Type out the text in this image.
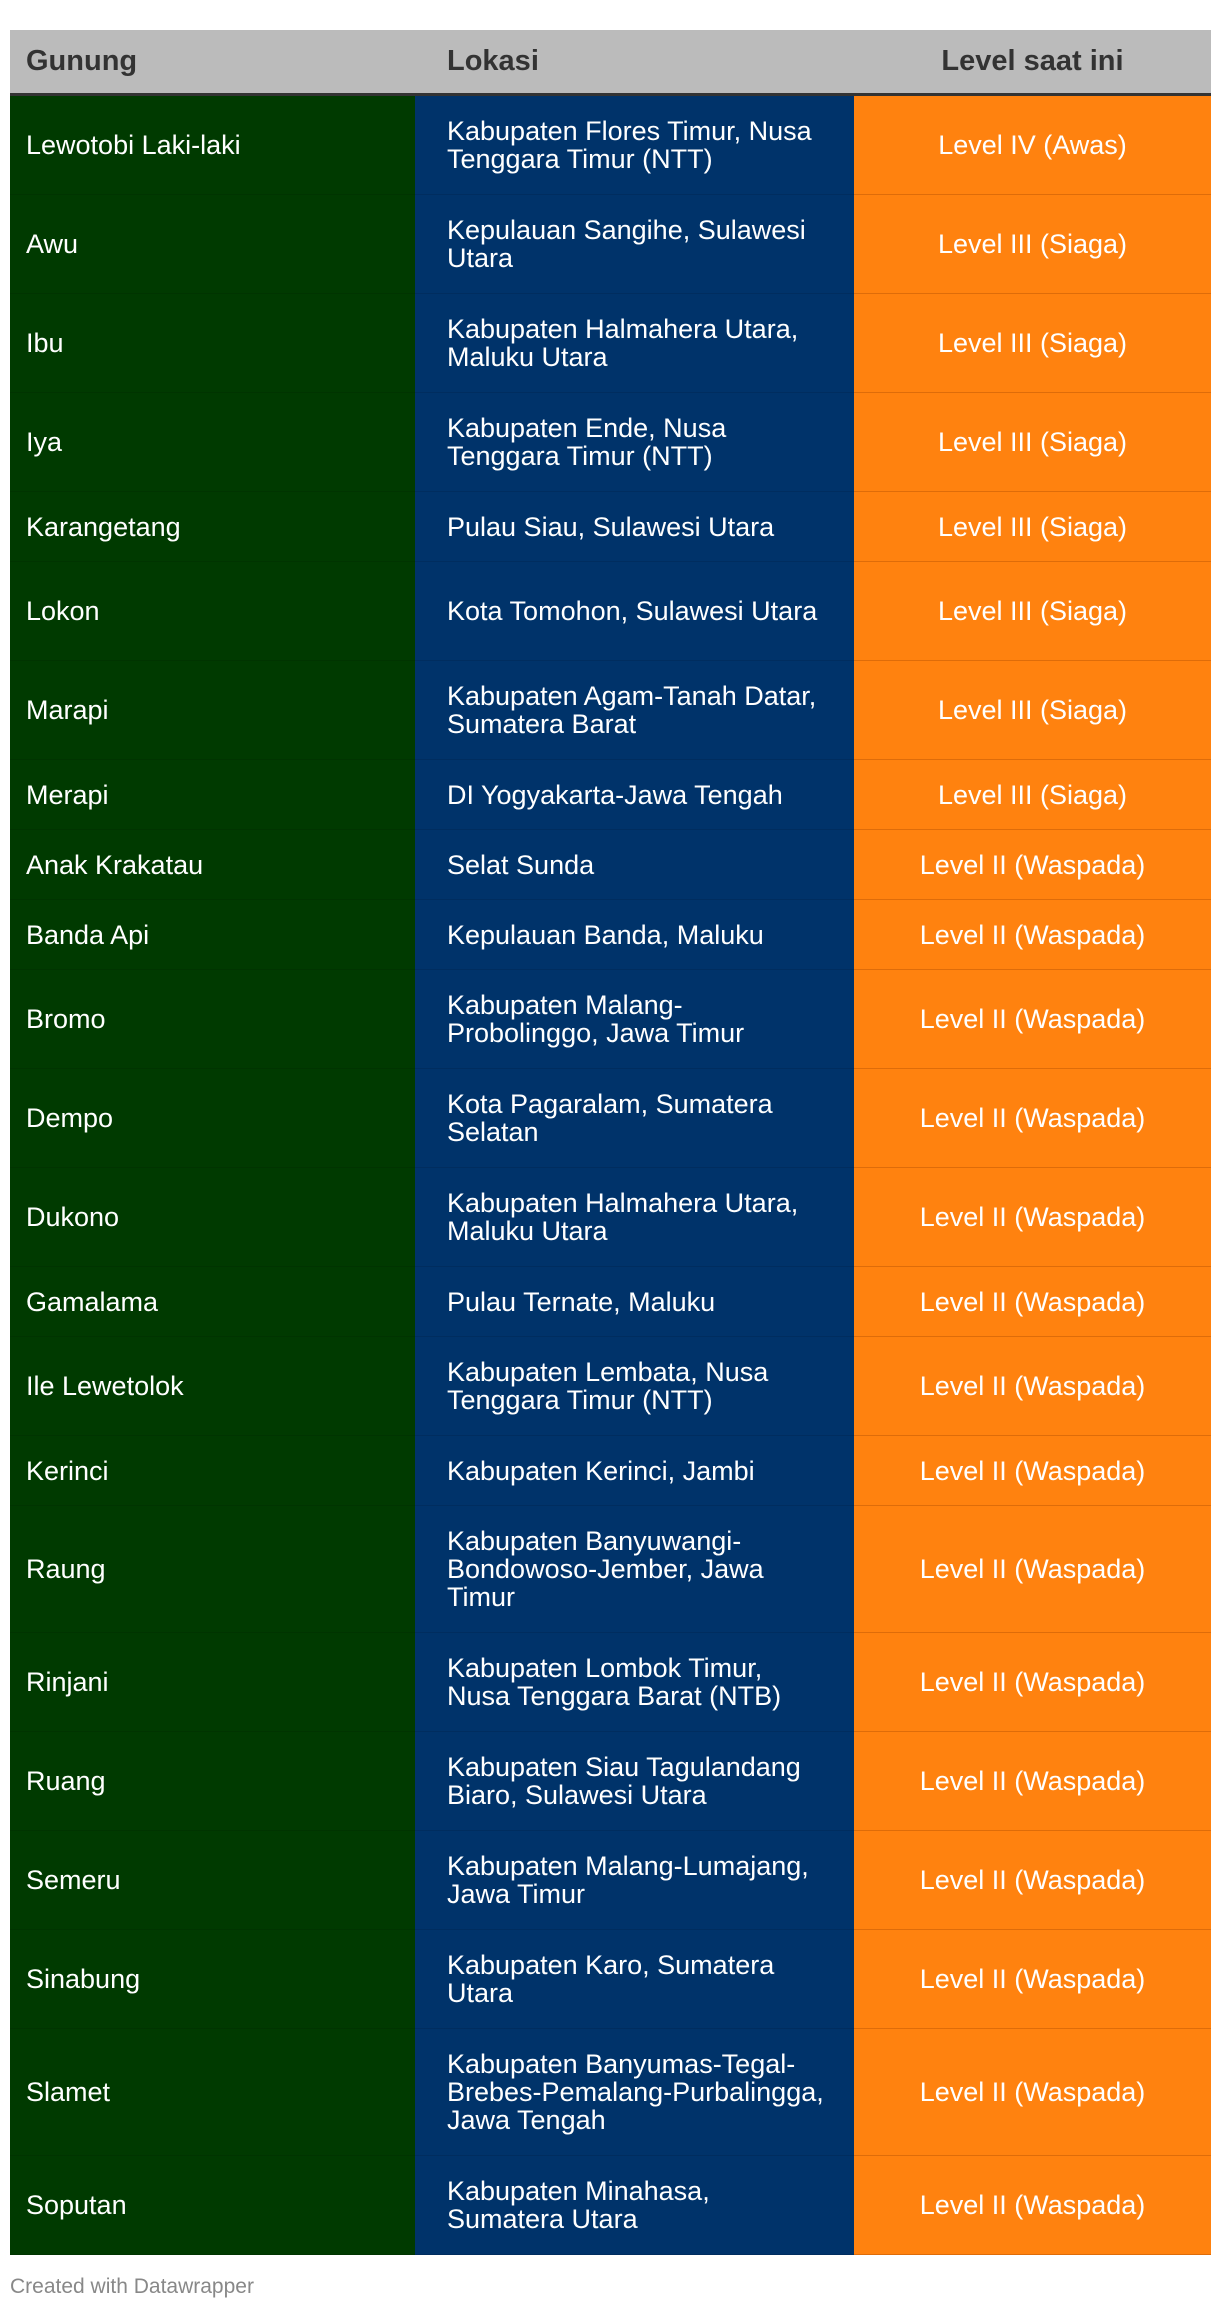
Gunung	Lokasi	Level saat ini
Lewotobi Laki-laki	Kabupaten Flores Timur, Nusa Tenggara Timur (NTT)	Level IV (Awas)
Awu	Kepulauan Sangihe, Sulawesi Utara	Level III (Siaga)
Ibu	Kabupaten Halmahera Utara, Maluku Utara	Level III (Siaga)
Iya	Kabupaten Ende, Nusa Tenggara Timur (NTT)	Level III (Siaga)
Karangetang	Pulau Siau, Sulawesi Utara	Level III (Siaga)
Lokon	Kota Tomohon, Sulawesi Utara	Level III (Siaga)
Marapi	Kabupaten Agam-Tanah Datar, Sumatera Barat	Level III (Siaga)
Merapi	DI Yogyakarta-Jawa Tengah	Level III (Siaga)
Anak Krakatau	Selat Sunda	Level II (Waspada)
Banda Api	Kepulauan Banda, Maluku	Level II (Waspada)
Bromo	Kabupaten Malang-Probolinggo, Jawa Timur	Level II (Waspada)
Dempo	Kota Pagaralam, Sumatera Selatan	Level II (Waspada)
Dukono	Kabupaten Halmahera Utara, Maluku Utara	Level II (Waspada)
Gamalama	Pulau Ternate, Maluku	Level II (Waspada)
Ile Lewetolok	Kabupaten Lembata, Nusa Tenggara Timur (NTT)	Level II (Waspada)
Kerinci	Kabupaten Kerinci, Jambi	Level II (Waspada)
Raung	Kabupaten Banyuwangi-Bondowoso-Jember, Jawa Timur	Level II (Waspada)
Rinjani	Kabupaten Lombok Timur, Nusa Tenggara Barat (NTB)	Level II (Waspada)
Ruang	Kabupaten Siau Tagulandang Biaro, Sulawesi Utara	Level II (Waspada)
Semeru	Kabupaten Malang-Lumajang, Jawa Timur	Level II (Waspada)
Sinabung	Kabupaten Karo, Sumatera Utara	Level II (Waspada)
Slamet	Kabupaten Banyumas-Tegal-Brebes-Pemalang-Purbalingga, Jawa Tengah	Level II (Waspada)
Soputan	Kabupaten Minahasa, Sumatera Utara	Level II (Waspada)
Created with Datawrapper
